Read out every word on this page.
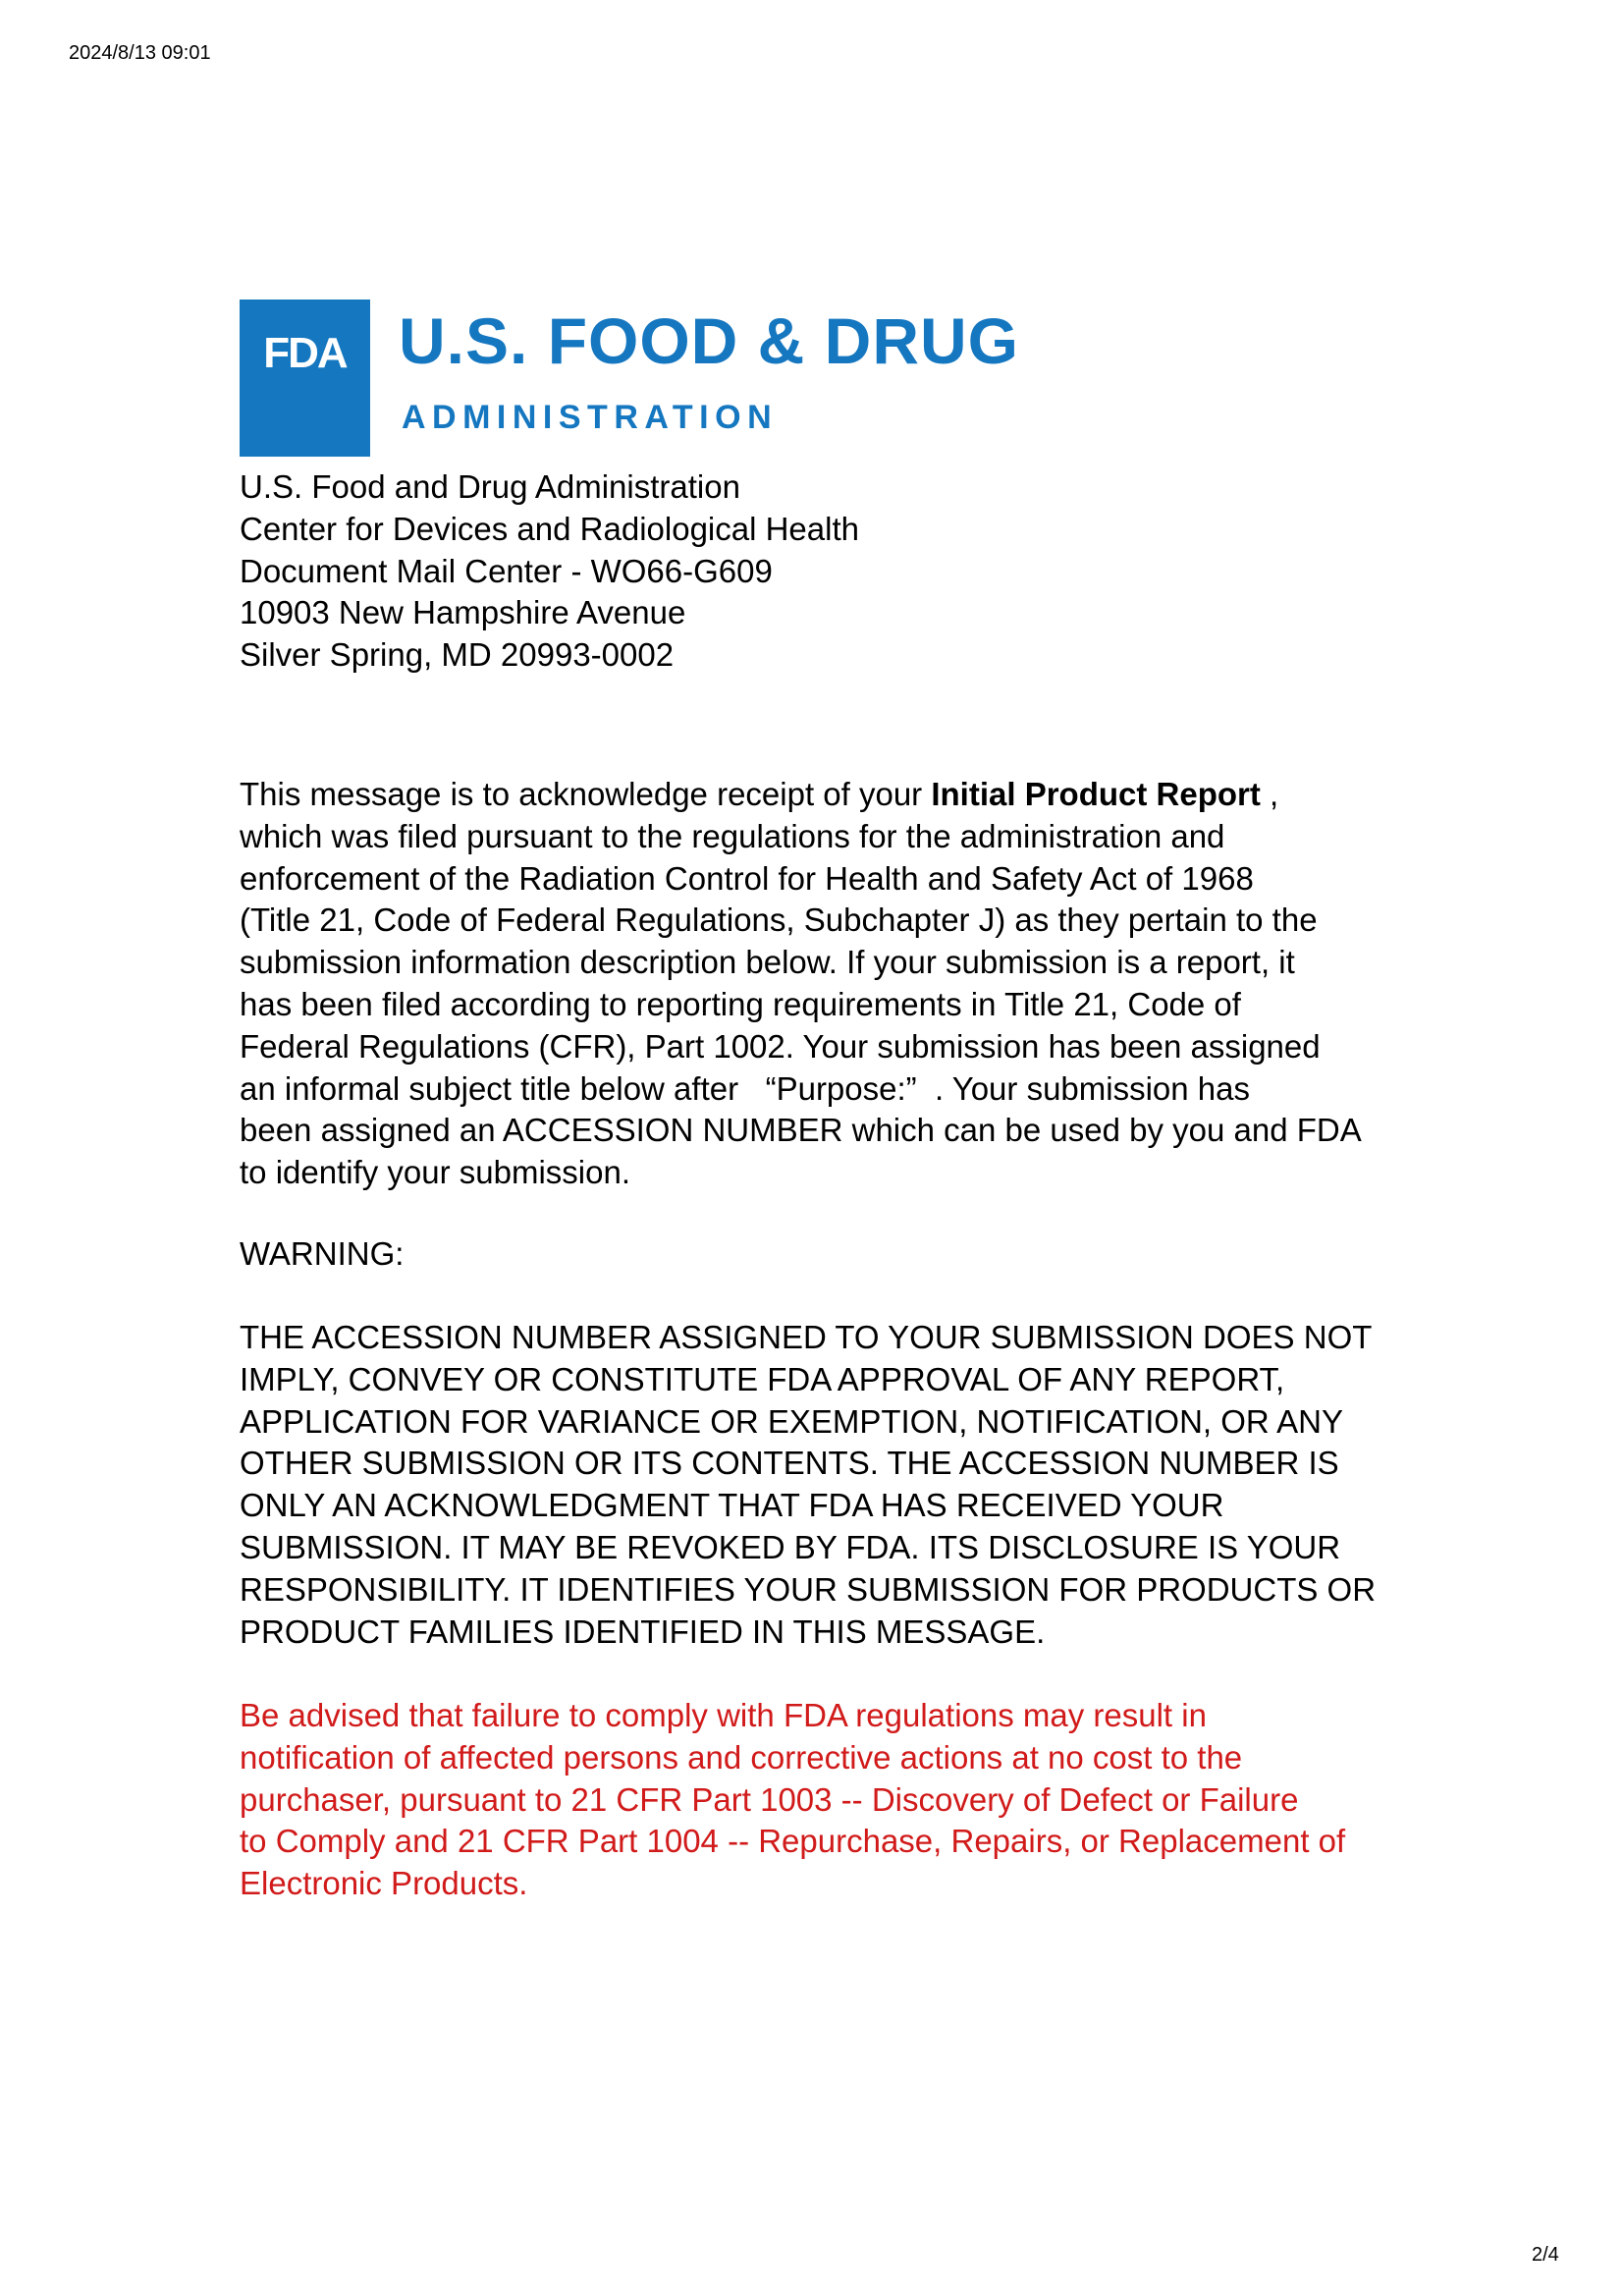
2024/8/13 09:01
FDA U.S. FOOD & DRUG
ADMINISTRATION
U.S. Food and Drug Administration
Center for Devices and Radiological Health
Document Mail Center - WO66-G609
10903 New Hampshire Avenue
Silver Spring, MD 20993-0002
This message is to acknowledge receipt of your Initial Product Report ,
which was filed pursuant to the regulations for the administration and
enforcement of the Radiation Control for Health and Safety Act of 1968
(Title 21, Code of Federal Regulations, Subchapter J) as they pertain to the
submission information description below. If your submission is a report, it
has been filed according to reporting requirements in Title 21, Code of
Federal Regulations (CFR), Part 1002. Your submission has been assigned
an informal subject title below after   “Purpose:”  . Your submission has
been assigned an ACCESSION NUMBER which can be used by you and FDA
to identify your submission.
WARNING:
THE ACCESSION NUMBER ASSIGNED TO YOUR SUBMISSION DOES NOT
IMPLY, CONVEY OR CONSTITUTE FDA APPROVAL OF ANY REPORT,
APPLICATION FOR VARIANCE OR EXEMPTION, NOTIFICATION, OR ANY
OTHER SUBMISSION OR ITS CONTENTS. THE ACCESSION NUMBER IS
ONLY AN ACKNOWLEDGMENT THAT FDA HAS RECEIVED YOUR
SUBMISSION. IT MAY BE REVOKED BY FDA. ITS DISCLOSURE IS YOUR
RESPONSIBILITY. IT IDENTIFIES YOUR SUBMISSION FOR PRODUCTS OR
PRODUCT FAMILIES IDENTIFIED IN THIS MESSAGE.
Be advised that failure to comply with FDA regulations may result in
notification of affected persons and corrective actions at no cost to the
purchaser, pursuant to 21 CFR Part 1003 -- Discovery of Defect or Failure
to Comply and 21 CFR Part 1004 -- Repurchase, Repairs, or Replacement of
Electronic Products.
2/4
